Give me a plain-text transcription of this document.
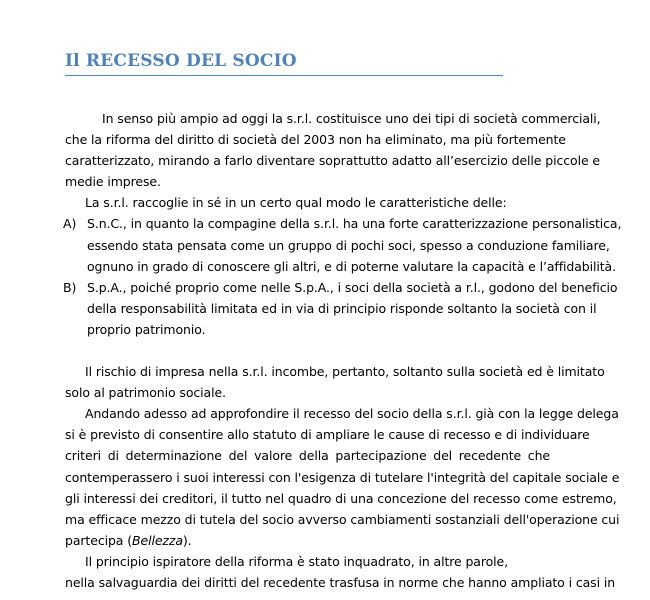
Il RECESSO DEL SOCIO
In senso più ampio ad oggi la s.r.l. costituisce uno dei tipi di società commerciali,
che la riforma del diritto di società del 2003 non ha eliminato, ma più fortemente
caratterizzato, mirando a farlo diventare soprattutto adatto all’esercizio delle piccole e
medie imprese.
La s.r.l. raccoglie in sé in un certo qual modo le caratteristiche delle:
A) S.n.C., in quanto la compagine della s.r.l. ha una forte caratterizzazione personalistica,
essendo stata pensata come un gruppo di pochi soci, spesso a conduzione familiare,
ognuno in grado di conoscere gli altri, e di poterne valutare la capacità e l’affidabilità.
B) S.p.A., poiché proprio come nelle S.p.A., i soci della società a r.l., godono del beneficio
della responsabilità limitata ed in via di principio risponde soltanto la società con il
proprio patrimonio.
Il rischio di impresa nella s.r.l. incombe, pertanto, soltanto sulla società ed è limitato
solo al patrimonio sociale.
Andando adesso ad approfondire il recesso del socio della s.r.l. già con la legge delega
si è previsto di consentire allo statuto di ampliare le cause di recesso e di individuare
criteri di determinazione del valore della partecipazione del recedente che
contemperassero i suoi interessi con l'esigenza di tutelare l'integrità del capitale sociale e
gli interessi dei creditori, il tutto nel quadro di una concezione del recesso come estremo,
ma efficace mezzo di tutela del socio avverso cambiamenti sostanziali dell'operazione cui
partecipa (Bellezza).
Il principio ispiratore della riforma è stato inquadrato, in altre parole,
nella salvaguardia dei diritti del recedente trasfusa in norme che hanno ampliato i casi in
